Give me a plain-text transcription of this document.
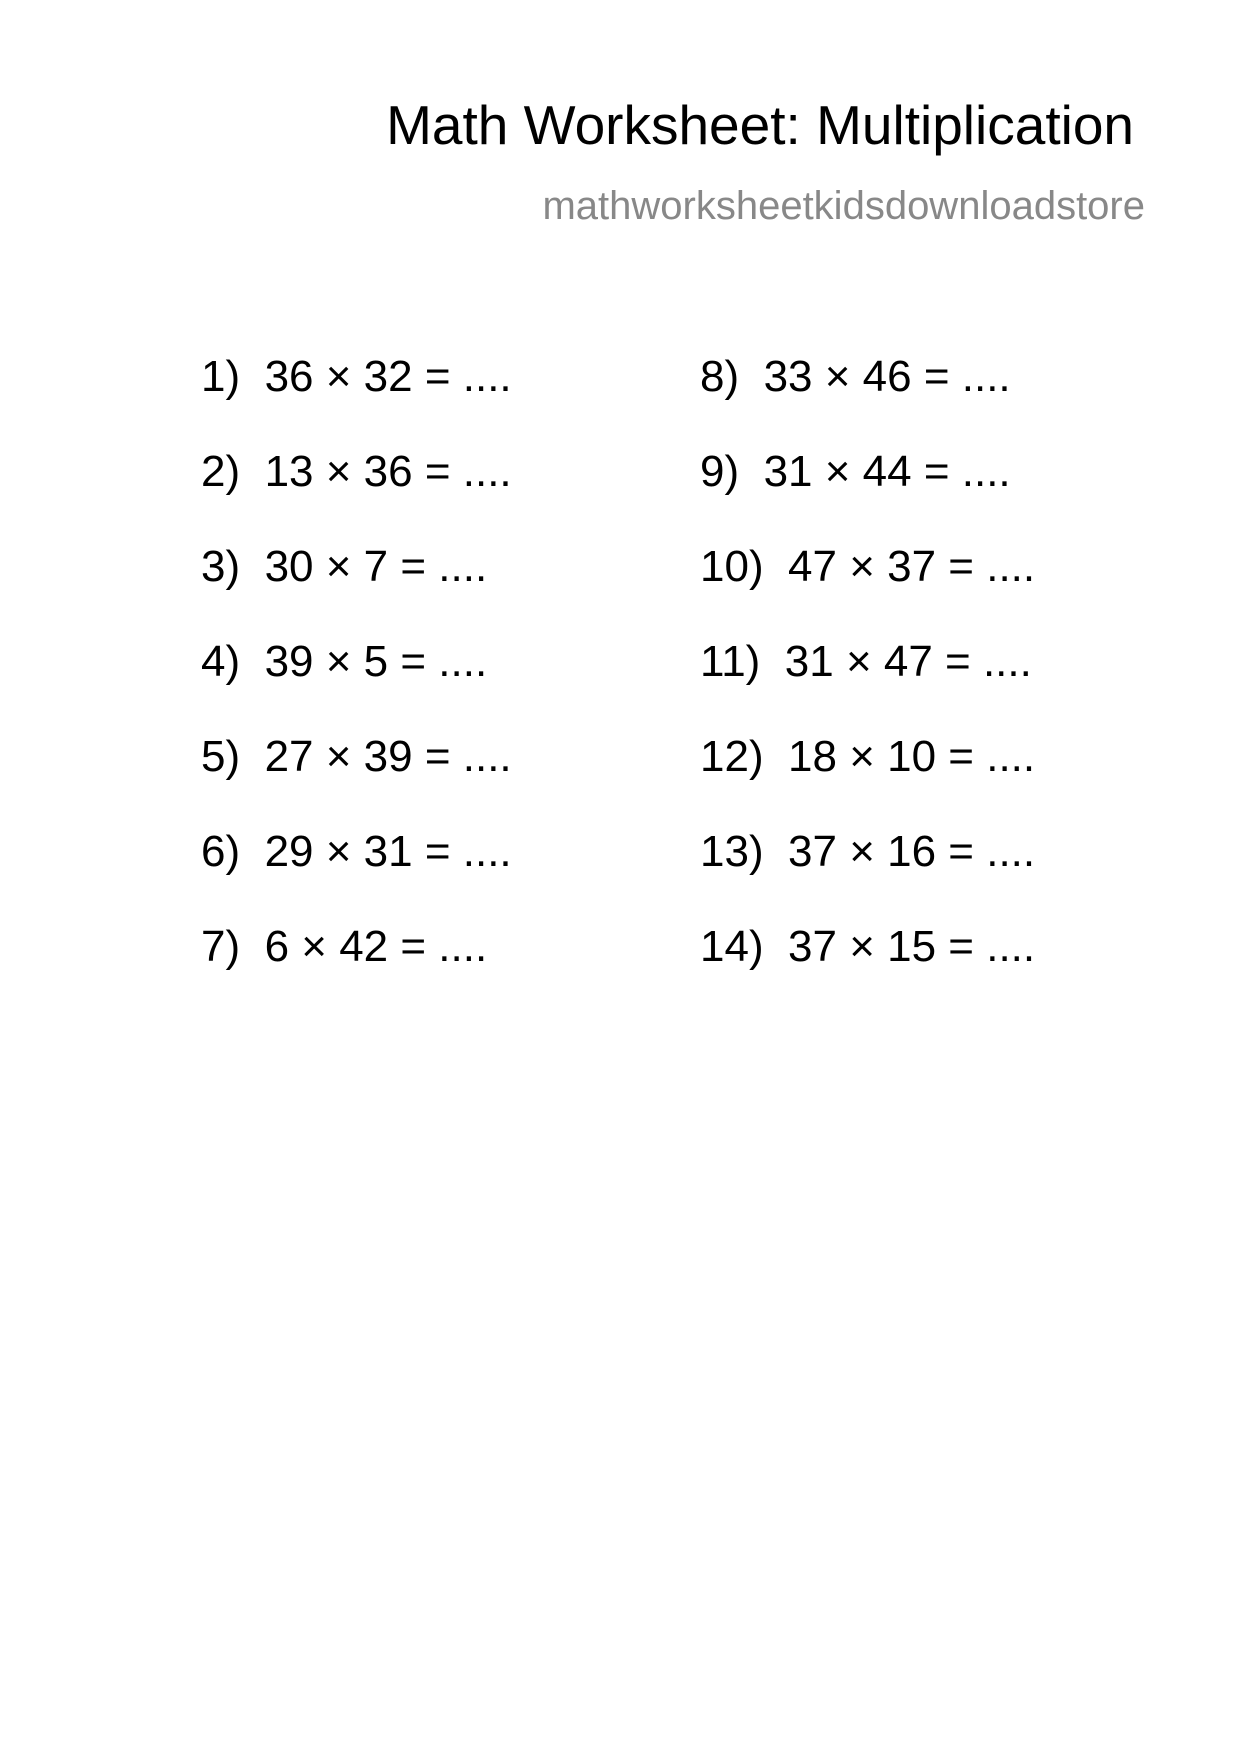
Math Worksheet: Multiplication
mathworksheetkidsdownloadstore
1) 36 × 32 = ....
2) 13 × 36 = ....
3) 30 × 7 = ....
4) 39 × 5 = ....
5) 27 × 39 = ....
6) 29 × 31 = ....
7) 6 × 42 = ....
8) 33 × 46 = ....
9) 31 × 44 = ....
10) 47 × 37 = ....
11) 31 × 47 = ....
12) 18 × 10 = ....
13) 37 × 16 = ....
14) 37 × 15 = ....
